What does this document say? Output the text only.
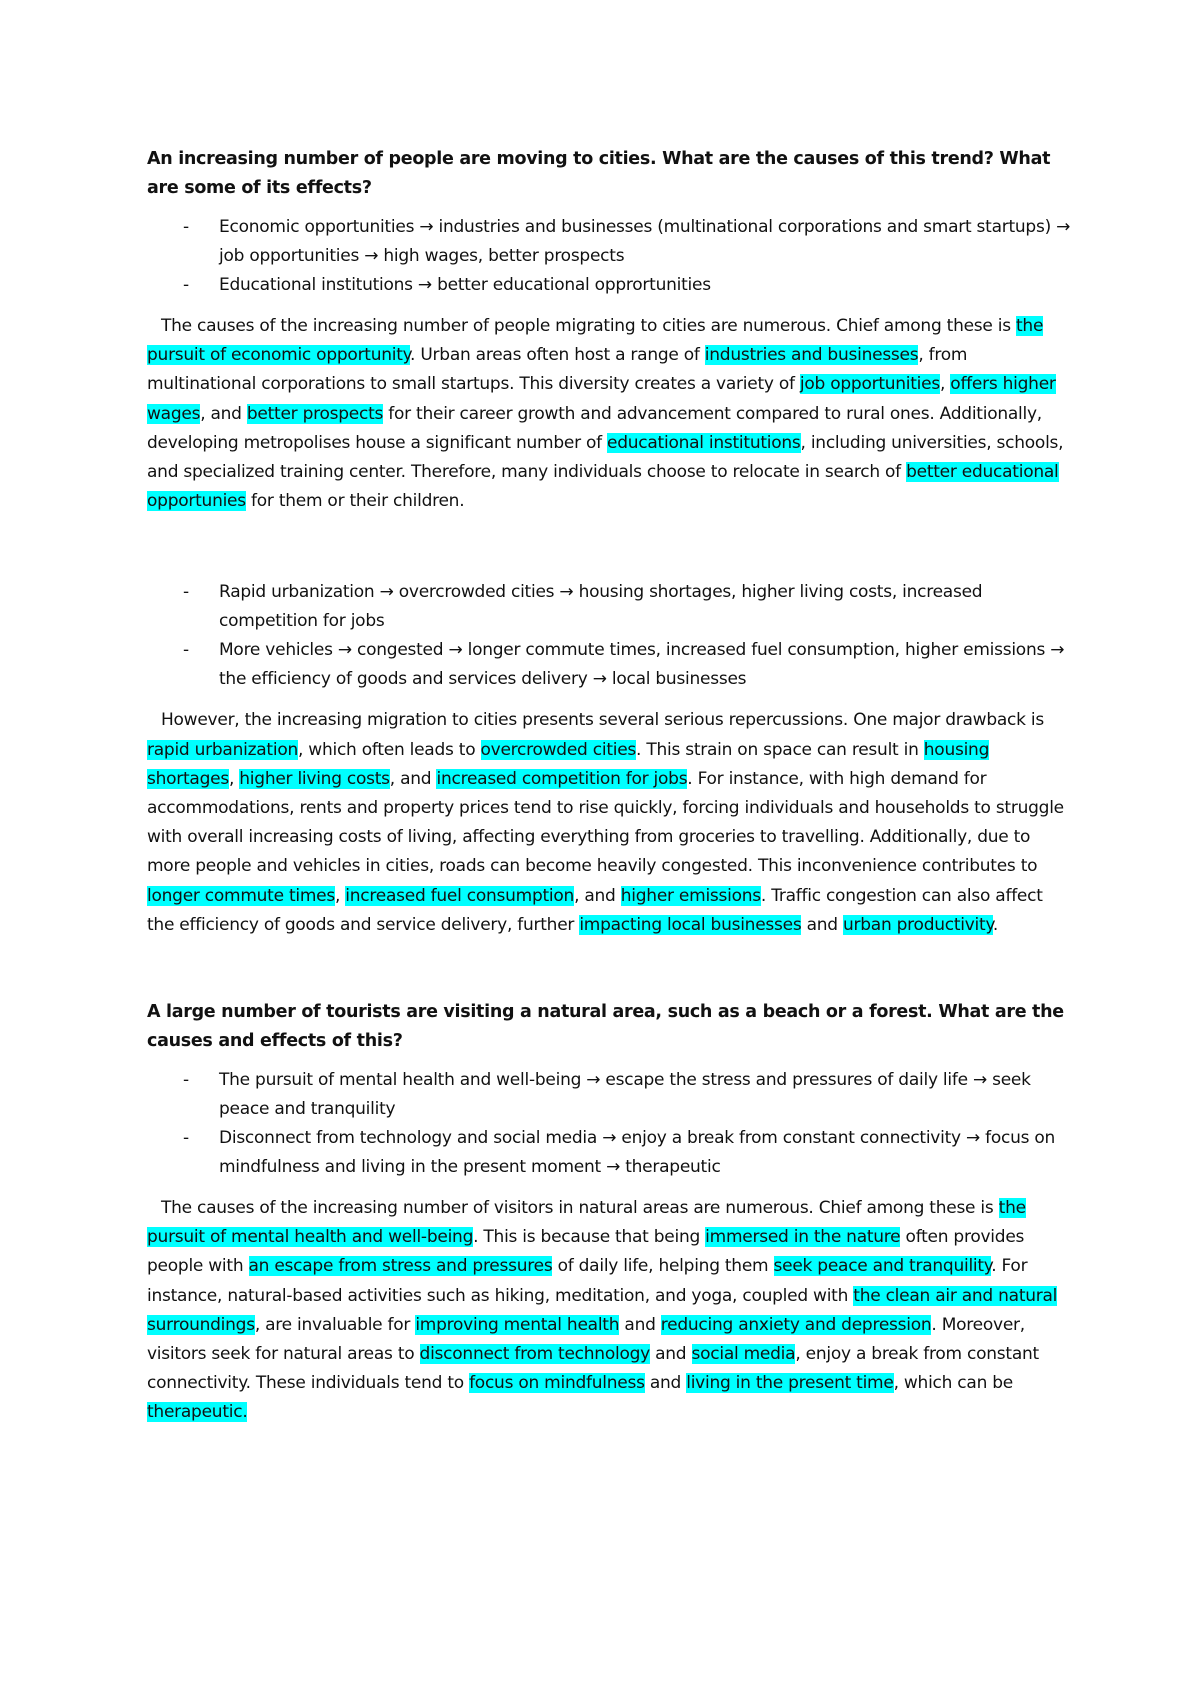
An increasing number of people are moving to cities. What are the causes of this trend? What are some of its effects?
- Economic opportunities → industries and businesses (multinational corporations and smart startups) → job opportunities → high wages, better prospects
- Educational institutions → better educational opprortunities

The causes of the increasing number of people migrating to cities are numerous. Chief among these is the pursuit of economic opportunity. Urban areas often host a range of industries and businesses, from multinational corporations to small startups. This diversity creates a variety of job opportunities, offers higher wages, and better prospects for their career growth and advancement compared to rural ones. Additionally, developing metropolises house a significant number of educational institutions, including universities, schools, and specialized training center. Therefore, many individuals choose to relocate in search of better educational opportunies for them or their children.

- Rapid urbanization → overcrowded cities → housing shortages, higher living costs, increased competition for jobs
- More vehicles → congested → longer commute times, increased fuel consumption, higher emissions → the efficiency of goods and services delivery → local businesses

However, the increasing migration to cities presents several serious repercussions. One major drawback is rapid urbanization, which often leads to overcrowded cities. This strain on space can result in housing shortages, higher living costs, and increased competition for jobs. For instance, with high demand for accommodations, rents and property prices tend to rise quickly, forcing individuals and households to struggle with overall increasing costs of living, affecting everything from groceries to travelling. Additionally, due to more people and vehicles in cities, roads can become heavily congested. This inconvenience contributes to longer commute times, increased fuel consumption, and higher emissions. Traffic congestion can also affect the efficiency of goods and service delivery, further impacting local businesses and urban productivity.

A large number of tourists are visiting a natural area, such as a beach or a forest. What are the causes and effects of this?
- The pursuit of mental health and well-being → escape the stress and pressures of daily life → seek peace and tranquility
- Disconnect from technology and social media → enjoy a break from constant connectivity → focus on mindfulness and living in the present moment → therapeutic

The causes of the increasing number of visitors in natural areas are numerous. Chief among these is the pursuit of mental health and well-being. This is because that being immersed in the nature often provides people with an escape from stress and pressures of daily life, helping them seek peace and tranquility. For instance, natural-based activities such as hiking, meditation, and yoga, coupled with the clean air and natural surroundings, are invaluable for improving mental health and reducing anxiety and depression. Moreover, visitors seek for natural areas to disconnect from technology and social media, enjoy a break from constant connectivity. These individuals tend to focus on mindfulness and living in the present time, which can be therapeutic.
